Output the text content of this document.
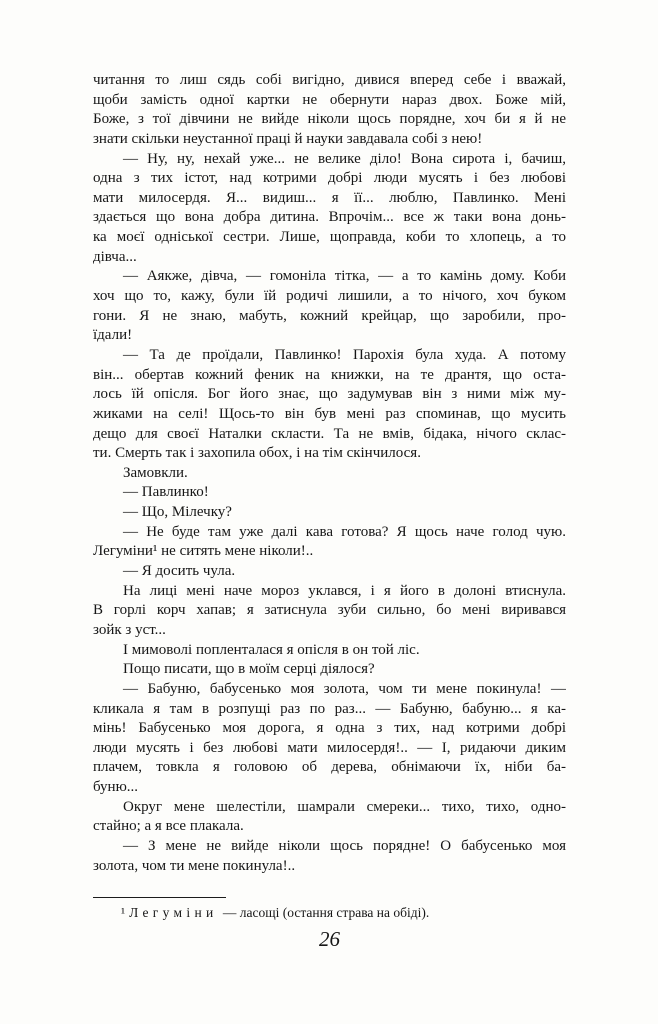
читання то лиш сядь собі вигідно, дивися вперед себе і вважай,
щоби замість одної картки не обернути нараз двох. Боже мій,
Боже, з тої дівчини не вийде ніколи щось порядне, хоч би я й не
знати скільки неустанної праці й науки завдавала собі з нею!
— Ну, ну, нехай уже... не велике діло! Вона сирота і, бачиш,
одна з тих істот, над котрими добрі люди мусять і без любові
мати милосердя. Я... видиш... я її... люблю, Павлинко. Мені
здається що вона добра дитина. Впрочім... все ж таки вона донь-
ка моєї одніської сестри. Лише, щоправда, коби то хлопець, а то
дівча...
— Аякже, дівча, — гомоніла тітка, — а то камінь дому. Коби
хоч що то, кажу, були їй родичі лишили, а то нічого, хоч буком
гони. Я не знаю, мабуть, кожний крейцар, що заробили, про-
їдали!
— Та де проїдали, Павлинко! Парохія була худа. А потому
він... обертав кожний феник на книжки, на те дрантя, що оста-
лось їй опісля. Бог його знає, що задумував він з ними між му-
жиками на селі! Щось-то він був мені раз споминав, що мусить
дещо для своєї Наталки скласти. Та не вмів, бідака, нічого склас-
ти. Смерть так і захопила обох, і на тім скінчилося.
Замовкли.
— Павлинко!
— Що, Мілечку?
— Не буде там уже далі кава готова? Я щось наче голод чую.
Легуміни¹ не ситять мене ніколи!..
— Я досить чула.
На лиці мені наче мороз уклався, і я його в долоні втиснула.
В горлі корч хапав; я затиснула зуби сильно, бо мені виривався
зойк з уст...
І мимоволі попленталася я опісля в он той ліс.
Пощо писати, що в моїм серці діялося?
— Бабуню, бабусенько моя золота, чом ти мене покинула! —
кликала я там в розпущі раз по раз... — Бабуню, бабуню... я ка-
мінь! Бабусенько моя дорога, я одна з тих, над котрими добрі
люди мусять і без любові мати милосердя!.. — І, ридаючи диким
плачем, товкла я головою об дерева, обнімаючи їх, ніби ба-
буню...
Округ мене шелестіли, шамрали смереки... тихо, тихо, одно-
стайно; а я все плакала.
— З мене не вийде ніколи щось порядне! О бабусенько моя
золота, чом ти мене покинула!..
¹ Легуміни — ласощі (остання страва на обіді).
26
